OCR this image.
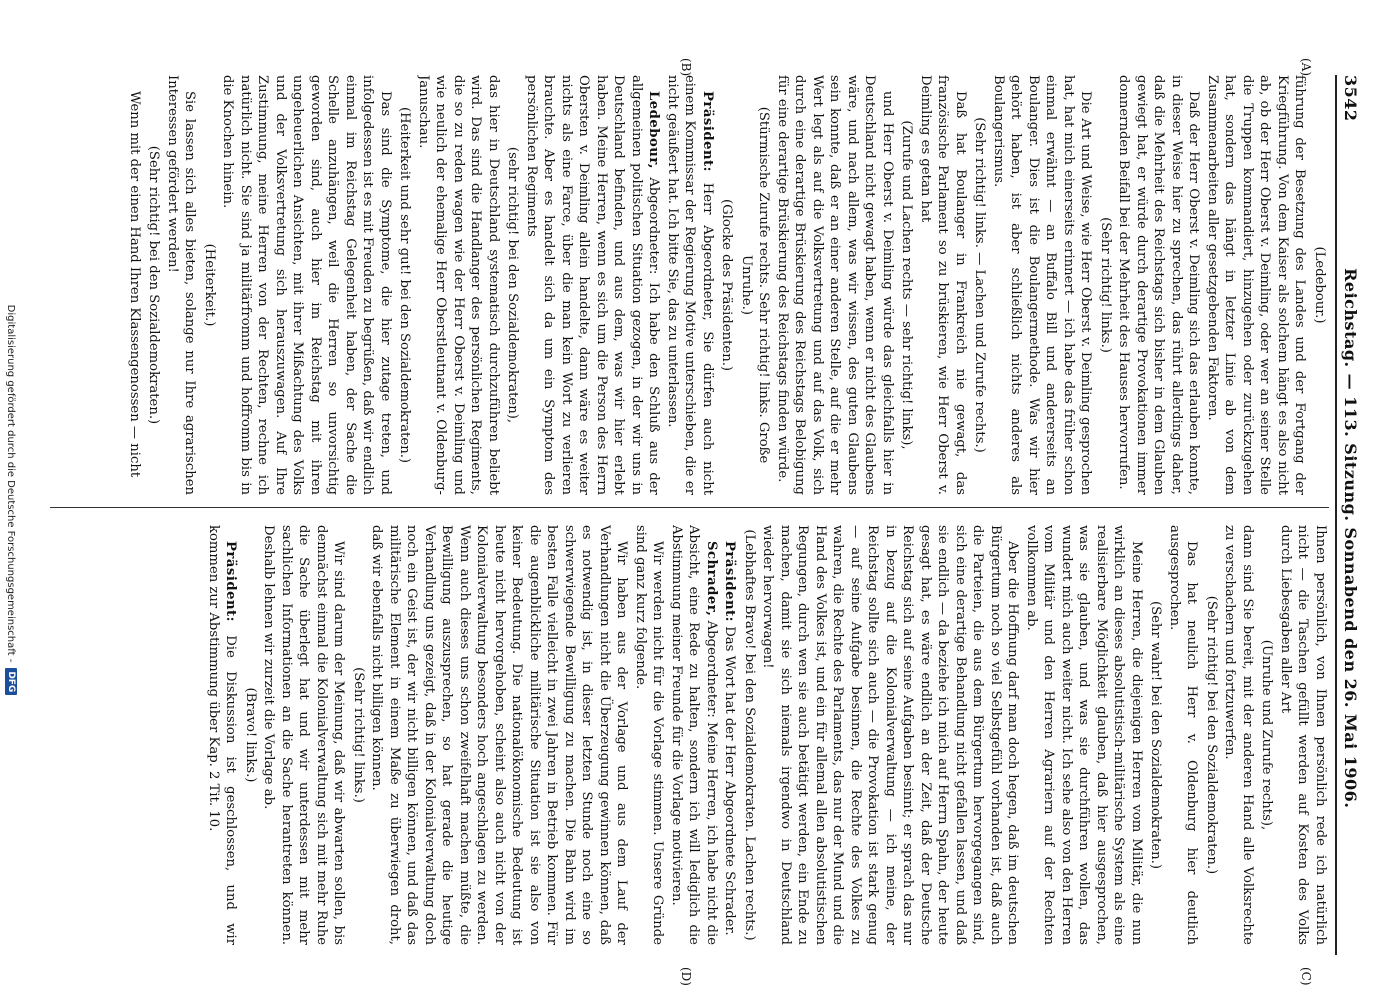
3542
Reichstag. — 113. Sitzung. Sonnabend den 26. Mai 1906.
(A)
(B)
(C)
(D)

(Ledebour.)

führung der Besetzung des Landes und der Fortgang der Kriegführung. Von dem Kaiser als solchem hängt es also nicht ab, ob der Herr Oberst v. Deimling, oder wer an seiner Stelle die Truppen kommandiert, hinzugehen oder zurückzugehen hat, sondern das hängt in letzter Linie ab von dem Zusammenarbeiten aller gesetzgebenden Faktoren.

Daß der Herr Oberst v. Deimling sich das erlauben konnte, in dieser Weise hier zu sprechen, das rührt allerdings daher, daß die Mehrheit des Reichstags sich bisher in dem Glauben gewiegt hat, er würde durch derartige Provokationen immer donnernden Beifall bei der Mehrheit des Hauses hervorrufen.

(Sehr richtig! links.)

Die Art und Weise, wie Herr Oberst v. Deimling gesprochen hat, hat mich einerseits erinnert — ich habe das früher schon einmal erwähnt — an Buffalo Bill und andererseits an Boulanger. Dies ist die Boulangermethode. Was wir hier gehört haben, ist aber schließlich nichts anderes als Boulangerismus.

(Sehr richtig! links. — Lachen und Zurufe rechts.)

Daß hat Boulanger in Frankreich nie gewagt, das französische Parlament so zu brüskieren, wie Herr Oberst v. Deimling es getan hat

(Zurufe und Lachen rechts — sehr richtig! links),

und Herr Oberst v. Deimling würde das gleichfalls hier in Deutschland nicht gewagt haben, wenn er nicht des Glaubens wäre, und nach allem, was wir wissen, des guten Glaubens sein konnte, daß er an einer anderen Stelle, auf die er mehr Wert legt als auf die Volksvertretung und auf das Volk, sich durch eine derartige Brüskierung des Reichstags Belobigung für eine derartige Brüskierung des Reichstags finden würde.

(Stürmische Zurufe rechts. Sehr richtig! links. Große Unruhe.)

(Glocke des Präsidenten.)

Präsident: Herr Abgeordneter, Sie dürfen auch nicht einem Kommissar der Regierung Motive unterschieben, die er nicht geäußert hat. Ich bitte Sie, das zu unterlassen.

Ledebour, Abgeordneter: Ich habe den Schluß aus der allgemeinen politischen Situation gezogen, in der wir uns in Deutschland befinden, und aus dem, was wir hier erlebt haben. Meine Herren, wenn es sich um die Person des Herrn Obersten v. Deimling allein handelte, dann wäre es weiter nichts als eine Farce, über die man kein Wort zu verlieren brauchte. Aber es handelt sich da um ein Symptom des persönlichen Regiments

(sehr richtig! bei den Sozialdemokraten),

das hier in Deutschland systematisch durchzuführen beliebt wird. Das sind die Handlanger des persönlichen Regiments, die so zu reden wagen wie der Herr Oberst v. Deimling und wie neulich der ehemalige Herr Oberstleutnant v. Oldenburg-Januschau.

(Heiterkeit und sehr gut! bei den Sozialdemokraten.)

Das sind die Symptome, die hier zutage treten, und infolgedessen ist es mit Freuden zu begrüßen, daß wir endlich einmal im Reichstag Gelegenheit haben, der Sache die Schelle anzuhängen, weil die Herren so unvorsichtig geworden sind, auch hier im Reichstag mit ihren ungeheuerlichen Ansichten, mit ihrer Mißachtung des Volks und der Volksvertretung sich herauszuwagen. Auf Ihre Zustimmung, meine Herren von der Rechten, rechne ich natürlich nicht. Sie sind ja militärfromm und hoffromm bis in die Knochen hinein.

(Heiterkeit.)

Sie lassen sich alles bieten, solange nur Ihre agrarischen Interessen gefördert werden!

(Sehr richtig! bei den Sozialdemokraten.)

Wenn mit der einen Hand Ihren Klassengenossen — nicht

Ihnen persönlich, von Ihnen persönlich rede ich natürlich nicht — die Taschen gefüllt werden auf Kosten des Volks durch Liebesgaben aller Art

(Unruhe und Zurufe rechts),

dann sind Sie bereit, mit der anderen Hand alle Volksrechte zu verschachern und fortzuwerfen.

(Sehr richtig! bei den Sozialdemokraten.)

Das hat neulich Herr v. Oldenburg hier deutlich ausgesprochen.

(Sehr wahr! bei den Sozialdemokraten.)

Meine Herren, die diejenigen Herren vom Militär, die nun wirklich an dieses absolutistisch-militärische System als eine realisierbare Möglichkeit glauben, daß hier ausgesprochen, was sie glauben, und was sie durchführen wollen, das wundert mich auch weiter nicht. Ich sehe also von den Herren vom Militär und den Herren Agrariern auf der Rechten vollkommen ab.

Aber die Hoffnung darf man doch hegen, daß im deutschen Bürgertum noch so viel Selbstgefühl vorhanden ist, daß auch die Parteien, die aus dem Bürgertum hervorgegangen sind, sich eine derartige Behandlung nicht gefallen lassen, und daß sie endlich — da beziehe ich mich auf Herrn Spahn, der heute gesagt hat, es wäre endlich an der Zeit, daß der Deutsche Reichstag sich auf seine Aufgaben besinnt; er sprach das nur in bezug auf die Kolonialverwaltung — ich meine, der Reichstag sollte sich auch — die Provokation ist stark genug — auf seine Aufgabe besinnen, die Rechte des Volkes zu wahren, die Rechte des Parlaments, das nur der Mund und die Hand des Volkes ist, und ein für allemal allen absolutistischen Regungen, durch wen sie auch betätigt werden, ein Ende zu machen, damit sie sich niemals irgendwo in Deutschland wieder hervorwagen!

(Lebhaftes Bravo! bei den Sozialdemokraten. Lachen rechts.)

Präsident: Das Wort hat der Herr Abgeordnete Schrader.

Schrader, Abgeordneter: Meine Herren, ich habe nicht die Absicht, eine Rede zu halten, sondern ich will lediglich die Abstimmung meiner Freunde für die Vorlage motivieren.

Wir werden nicht für die Vorlage stimmen. Unsere Gründe sind ganz kurz folgende.

Wir haben aus der Vorlage und aus dem Lauf der Verhandlungen nicht die Überzeugung gewinnen können, daß es notwendig ist, in dieser letzten Stunde noch eine so schwerwiegende Bewilligung zu machen. Die Bahn wird im besten Falle vielleicht in zwei Jahren in Betrieb kommen. Für die augenblickliche militärische Situation ist sie also von keiner Bedeutung. Die nationalökonomische Bedeutung ist heute nicht hervorgehoben, scheint also auch nicht von der Kolonialverwaltung besonders hoch angeschlagen zu werden. Wenn auch dieses uns schon zweifelhaft machen müßte, die Bewilligung auszusprechen, so hat gerade die heutige Verhandlung uns gezeigt, daß in der Kolonialverwaltung doch noch ein Geist ist, der wir nicht billigen können, und daß das militärische Element in einem Maße zu überwiegen droht, daß wir ebenfalls nicht billigen können.

(Sehr richtig! links.)

Wir sind darum der Meinung, daß wir abwarten sollen, bis demnächst einmal die Kolonialverwaltung sich mit mehr Ruhe die Sache überlegt hat und wir unterdessen mit mehr sachlichen Informationen an die Sache herantreten können. Deshalb lehnen wir zurzeit die Vorlage ab.

(Bravo! links.)

Präsident: Die Diskussion ist geschlossen, und wir kommen zur Abstimmung über Kap. 2 Tit. 10.

Digitalisierung gefördert durch die Deutsche Forschungsgemeinschaft -
DFG
